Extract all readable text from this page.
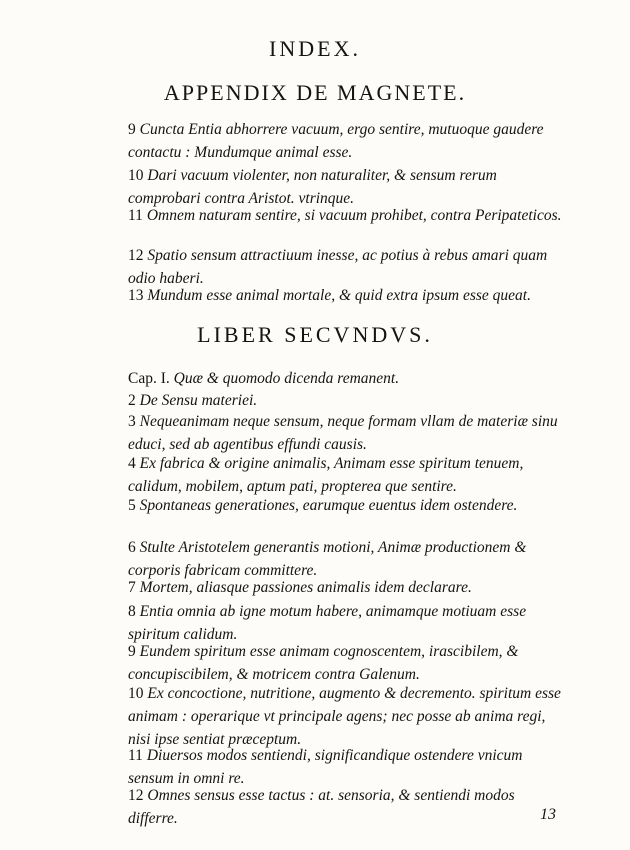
INDEX.
APPENDIX DE MAGNETE.
9 Cuncta Entia abhorrere vacuum, ergo sentire, mutuoque gaudere contactu : Mundumque animal esse.
10 Dari vacuum violenter, non naturaliter, & sensum rerum comprobari contra Aristot. vtrinque.
11 Omnem naturam sentire, si vacuum prohibet, contra Peripateticos.
12 Spatio sensum attractiuum inesse, ac potius à rebus amari quam odio haberi.
13 Mundum esse animal mortale, & quid extra ipsum esse queat.
LIBER SECVNDVS.
Cap. I. Quæ & quomodo dicenda remanent.
2 De Sensu materiei.
3 Nequeanimam neque sensum, neque formam vllam de materiæ sinu educi, sed ab agentibus effundi causis.
4 Ex fabrica & origine animalis, Animam esse spiritum tenuem, calidum, mobilem, aptum pati, propterea que sentire.
5 Spontaneas generationes, earumque euentus idem ostendere.
6 Stulte Aristotelem generantis motioni, Animæ productionem & corporis fabricam committere.
7 Mortem, aliasque passiones animalis idem declarare.
8 Entia omnia ab igne motum habere, animamque motiuam esse spiritum calidum.
9 Eundem spiritum esse animam cognoscentem, irascibilem, & concupiscibilem, & motricem contra Galenum.
10 Ex concoctione, nutritione, augmento & decremento. spiritum esse animam : operarique vt principale agens; nec posse ab anima regi, nisi ipse sentiat præceptum.
11 Diuersos modos sentiendi, significandique ostendere vnicum sensum in omni re.
12 Omnes sensus esse tactus : at. sensoria, & sentiendi modos differre.	13
